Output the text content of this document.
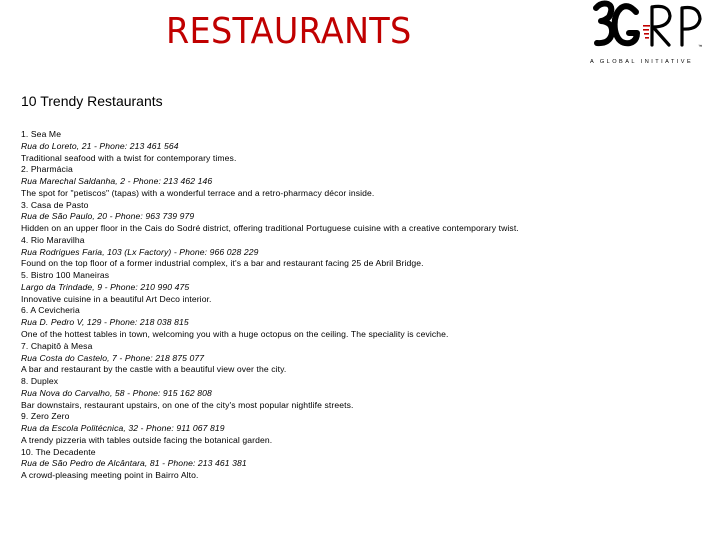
RESTAURANTS	™
A GLOBAL INITIATIVE
10 Trendy Restaurants
1. Sea Me
Rua do Loreto, 21 - Phone: 213 461 564
Traditional seafood with a twist for contemporary times.
2. Pharmácia
Rua Marechal Saldanha, 2 - Phone: 213 462 146
The spot for "petiscos" (tapas) with a wonderful terrace and a retro-pharmacy décor inside.
3. Casa de Pasto
Rua de São Paulo, 20 - Phone: 963 739 979
Hidden on an upper floor in the Cais do Sodré district, offering traditional Portuguese cuisine with a creative contemporary twist.
4. Rio Maravilha
Rua Rodrigues Faria, 103 (Lx Factory) - Phone: 966 028 229
Found on the top floor of a former industrial complex, it's a bar and restaurant facing 25 de Abril Bridge.
5. Bistro 100 Maneiras
Largo da Trindade, 9 - Phone: 210 990 475
Innovative cuisine in a beautiful Art Deco interior.
6. A Cevicheria
Rua D. Pedro V, 129 - Phone: 218 038 815
One of the hottest tables in town, welcoming you with a huge octopus on the ceiling. The speciality is ceviche.
7. Chapitô à Mesa
Rua Costa do Castelo, 7 - Phone: 218 875 077
A bar and restaurant by the castle with a beautiful view over the city.
8. Duplex
Rua Nova do Carvalho, 58 - Phone: 915 162 808
Bar downstairs, restaurant upstairs, on one of the city's most popular nightlife streets.
9. Zero Zero
Rua da Escola Politécnica, 32 - Phone: 911 067 819
A trendy pizzeria with tables outside facing the botanical garden.
10. The Decadente
Rua de São Pedro de Alcântara, 81 - Phone: 213 461 381
A crowd-pleasing meeting point in Bairro Alto.
